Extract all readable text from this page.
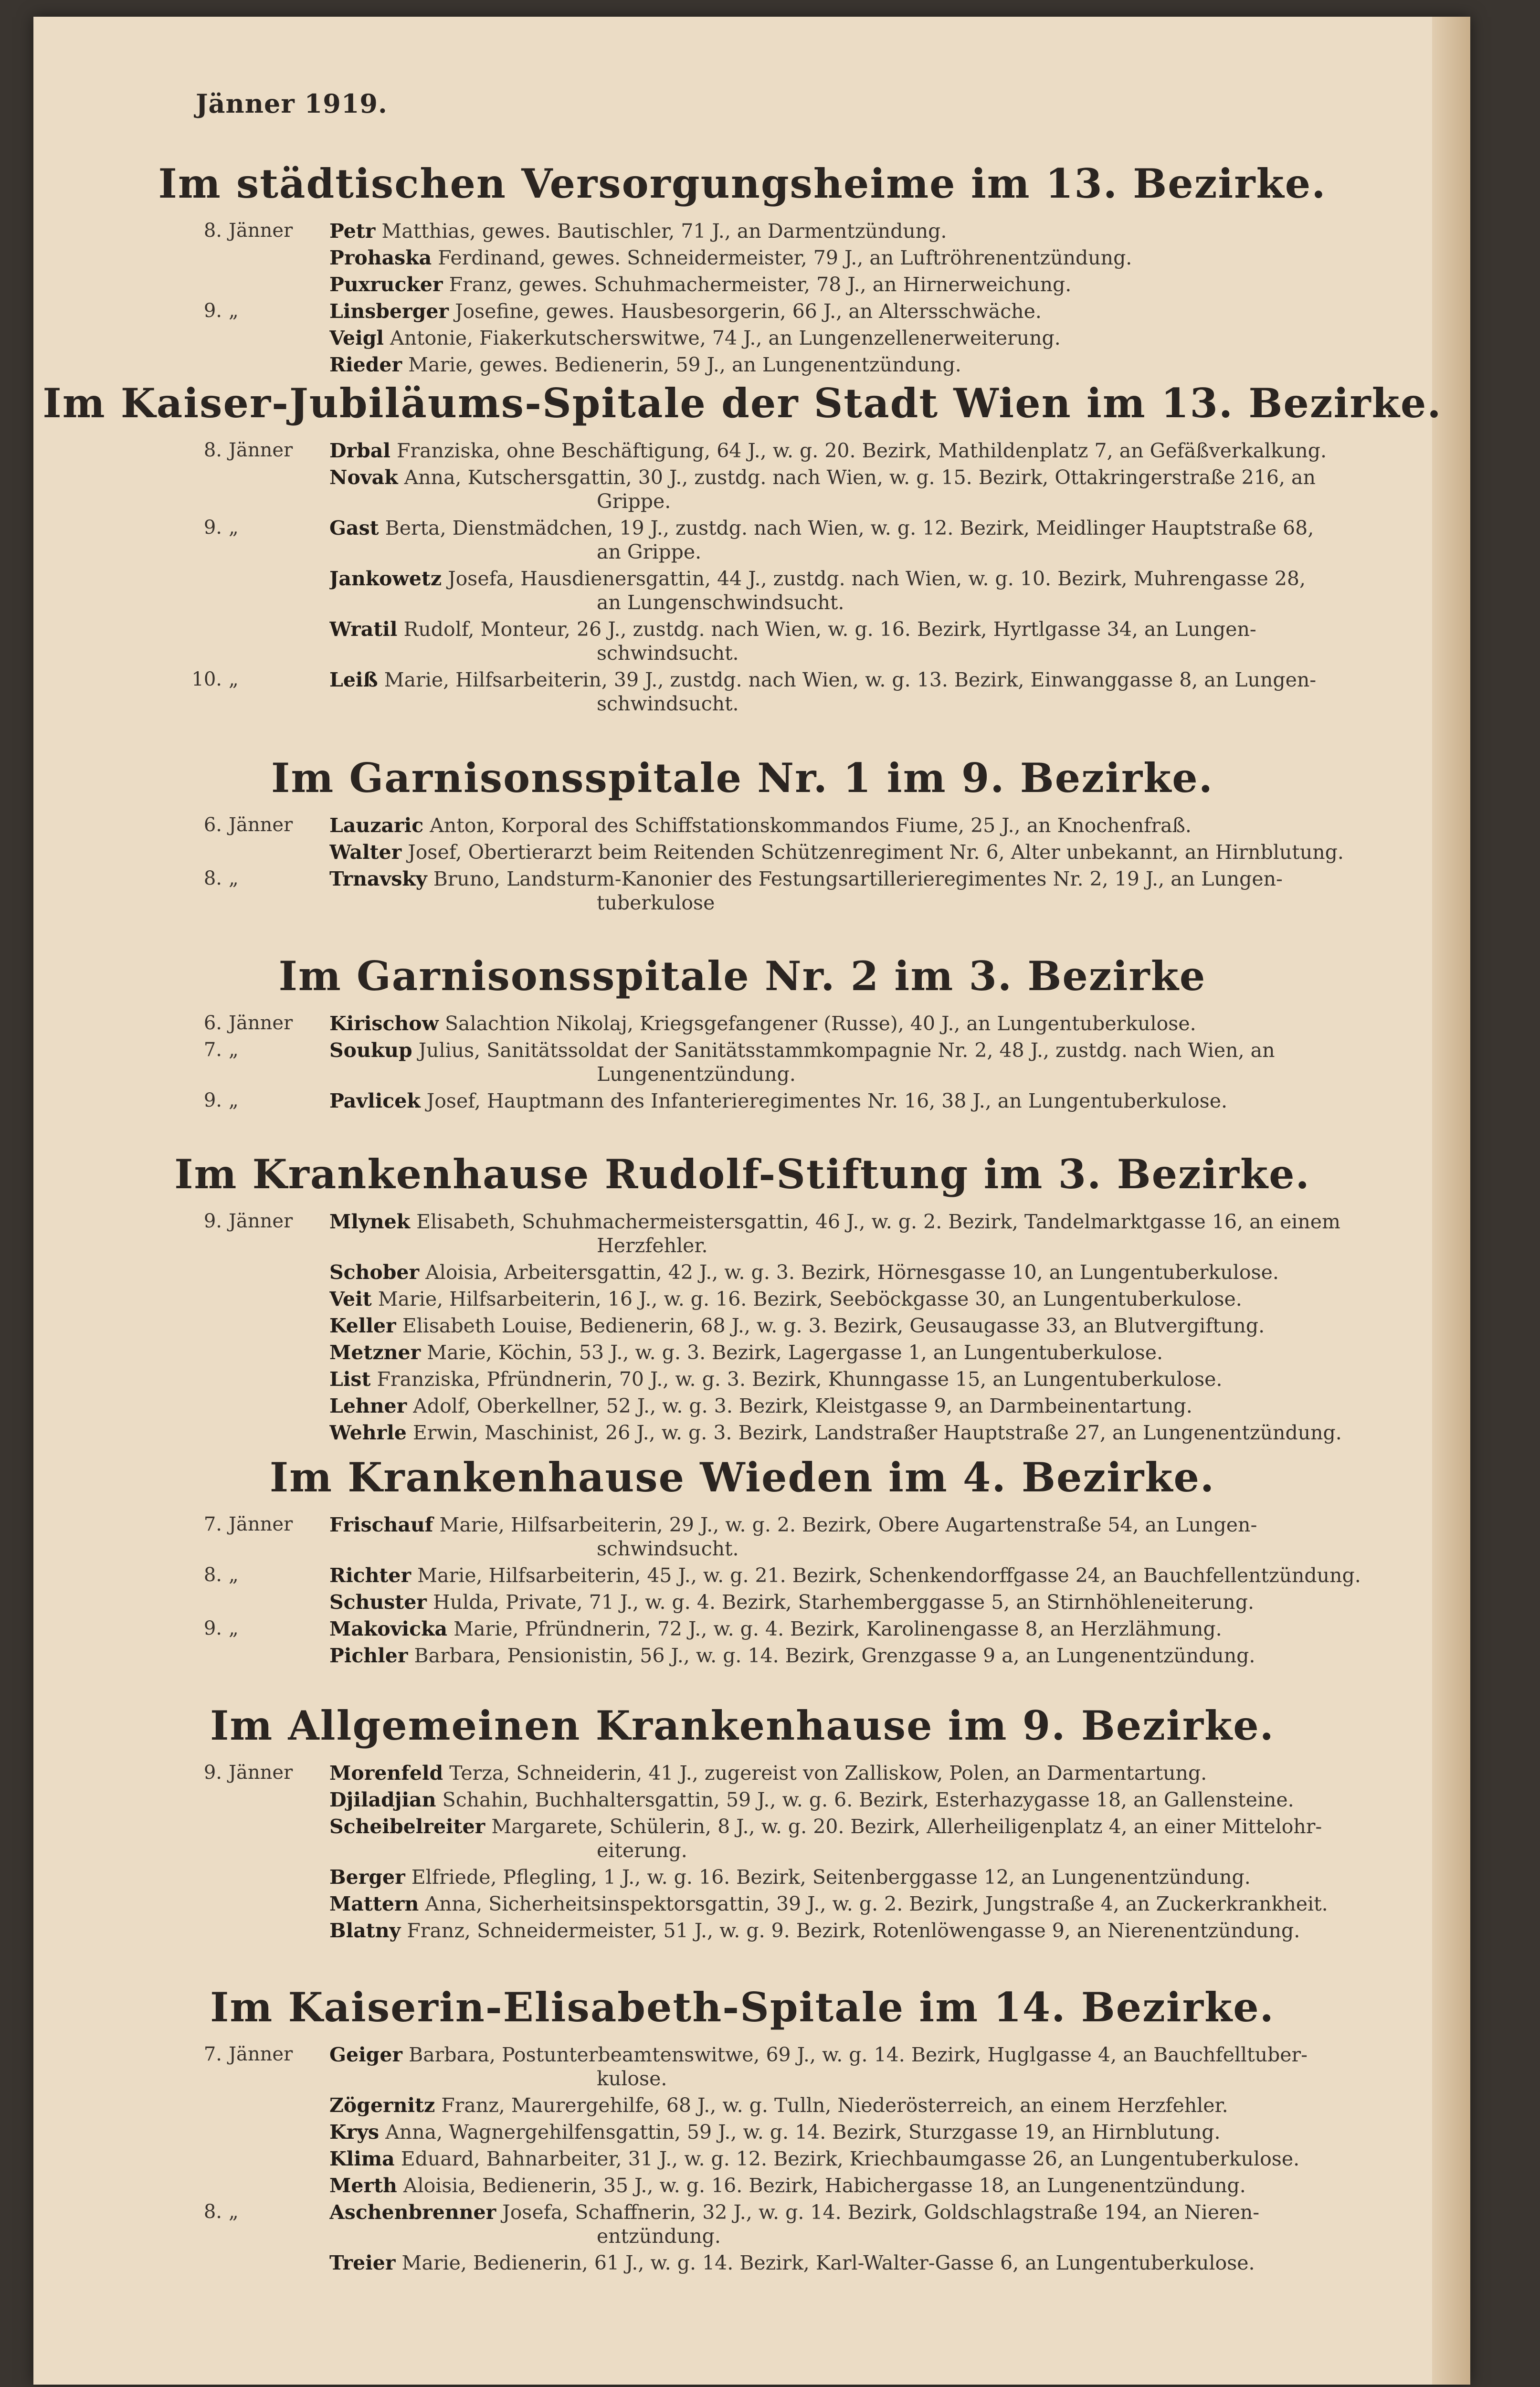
Jänner 1919.
Im städtischen Versorgungsheime im 13. Bezirke.
8. Jänner	Petr Matthias, gewes. Bautischler, 71 J., an Darmentzündung.
Prohaska Ferdinand, gewes. Schneidermeister, 79 J., an Luftröhrenentzündung.
Puxrucker Franz, gewes. Schuhmachermeister, 78 J., an Hirnerweichung.
9. „	Linsberger Josefine, gewes. Hausbesorgerin, 66 J., an Altersschwäche.
Veigl Antonie, Fiakerkutscherswitwe, 74 J., an Lungenzellenerweiterung.
Rieder Marie, gewes. Bedienerin, 59 J., an Lungenentzündung.
Im Kaiser-Jubiläums-Spitale der Stadt Wien im 13. Bezirke.
8. Jänner	Drbal Franziska, ohne Beschäftigung, 64 J., w. g. 20. Bezirk, Mathildenplatz 7, an Gefäßverkalkung.
Novak Anna, Kutschersgattin, 30 J., zustdg. nach Wien, w. g. 15. Bezirk, Ottakringerstraße 216, an
Grippe.
9. „	Gast Berta, Dienstmädchen, 19 J., zustdg. nach Wien, w. g. 12. Bezirk, Meidlinger Hauptstraße 68,
an Grippe.
Jankowetz Josefa, Hausdienersgattin, 44 J., zustdg. nach Wien, w. g. 10. Bezirk, Muhrengasse 28,
an Lungenschwindsucht.
Wratil Rudolf, Monteur, 26 J., zustdg. nach Wien, w. g. 16. Bezirk, Hyrtlgasse 34, an Lungen-
schwindsucht.
10. „	Leiß Marie, Hilfsarbeiterin, 39 J., zustdg. nach Wien, w. g. 13. Bezirk, Einwanggasse 8, an Lungen-
schwindsucht.
Im Garnisonsspitale Nr. 1 im 9. Bezirke.
6. Jänner	Lauzaric Anton, Korporal des Schiffstationskommandos Fiume, 25 J., an Knochenfraß.
Walter Josef, Obertierarzt beim Reitenden Schützenregiment Nr. 6, Alter unbekannt, an Hirnblutung.
8. „	Trnavsky Bruno, Landsturm-Kanonier des Festungsartillerieregimentes Nr. 2, 19 J., an Lungen-
tuberkulose
Im Garnisonsspitale Nr. 2 im 3. Bezirke
6. Jänner	Kirischow Salachtion Nikolaj, Kriegsgefangener (Russe), 40 J., an Lungentuberkulose.
7. „	Soukup Julius, Sanitätssoldat der Sanitätsstammkompagnie Nr. 2, 48 J., zustdg. nach Wien, an
Lungenentzündung.
9. „	Pavlicek Josef, Hauptmann des Infanterieregimentes Nr. 16, 38 J., an Lungentuberkulose.
Im Krankenhause Rudolf-Stiftung im 3. Bezirke.
9. Jänner	Mlynek Elisabeth, Schuhmachermeistersgattin, 46 J., w. g. 2. Bezirk, Tandelmarktgasse 16, an einem
Herzfehler.
Schober Aloisia, Arbeitersgattin, 42 J., w. g. 3. Bezirk, Hörnesgasse 10, an Lungentuberkulose.
Veit Marie, Hilfsarbeiterin, 16 J., w. g. 16. Bezirk, Seeböckgasse 30, an Lungentuberkulose.
Keller Elisabeth Louise, Bedienerin, 68 J., w. g. 3. Bezirk, Geusaugasse 33, an Blutvergiftung.
Metzner Marie, Köchin, 53 J., w. g. 3. Bezirk, Lagergasse 1, an Lungentuberkulose.
List Franziska, Pfründnerin, 70 J., w. g. 3. Bezirk, Khunngasse 15, an Lungentuberkulose.
Lehner Adolf, Oberkellner, 52 J., w. g. 3. Bezirk, Kleistgasse 9, an Darmbeinentartung.
Wehrle Erwin, Maschinist, 26 J., w. g. 3. Bezirk, Landstraßer Hauptstraße 27, an Lungenentzündung.
Im Krankenhause Wieden im 4. Bezirke.
7. Jänner	Frischauf Marie, Hilfsarbeiterin, 29 J., w. g. 2. Bezirk, Obere Augartenstraße 54, an Lungen-
schwindsucht.
8. „	Richter Marie, Hilfsarbeiterin, 45 J., w. g. 21. Bezirk, Schenkendorffgasse 24, an Bauchfellentzündung.
Schuster Hulda, Private, 71 J., w. g. 4. Bezirk, Starhemberggasse 5, an Stirnhöhleneiterung.
9. „	Makovicka Marie, Pfründnerin, 72 J., w. g. 4. Bezirk, Karolinengasse 8, an Herzlähmung.
Pichler Barbara, Pensionistin, 56 J., w. g. 14. Bezirk, Grenzgasse 9 a, an Lungenentzündung.
Im Allgemeinen Krankenhause im 9. Bezirke.
9. Jänner	Morenfeld Terza, Schneiderin, 41 J., zugereist von Zalliskow, Polen, an Darmentartung.
Djiladjian Schahin, Buchhaltersgattin, 59 J., w. g. 6. Bezirk, Esterhazygasse 18, an Gallensteine.
Scheibelreiter Margarete, Schülerin, 8 J., w. g. 20. Bezirk, Allerheiligenplatz 4, an einer Mittelohr-
eiterung.
Berger Elfriede, Pflegling, 1 J., w. g. 16. Bezirk, Seitenberggasse 12, an Lungenentzündung.
Mattern Anna, Sicherheitsinspektorsgattin, 39 J., w. g. 2. Bezirk, Jungstraße 4, an Zuckerkrankheit.
Blatny Franz, Schneidermeister, 51 J., w. g. 9. Bezirk, Rotenlöwengasse 9, an Nierenentzündung.
Im Kaiserin-Elisabeth-Spitale im 14. Bezirke.
7. Jänner	Geiger Barbara, Postunterbeamtenswitwe, 69 J., w. g. 14. Bezirk, Huglgasse 4, an Bauchfelltuber-
kulose.
Zögernitz Franz, Maurergehilfe, 68 J., w. g. Tulln, Niederösterreich, an einem Herzfehler.
Krys Anna, Wagnergehilfensgattin, 59 J., w. g. 14. Bezirk, Sturzgasse 19, an Hirnblutung.
Klima Eduard, Bahnarbeiter, 31 J., w. g. 12. Bezirk, Kriechbaumgasse 26, an Lungentuberkulose.
Merth Aloisia, Bedienerin, 35 J., w. g. 16. Bezirk, Habichergasse 18, an Lungenentzündung.
8. „	Aschenbrenner Josefa, Schaffnerin, 32 J., w. g. 14. Bezirk, Goldschlagstraße 194, an Nieren-
entzündung.
Treier Marie, Bedienerin, 61 J., w. g. 14. Bezirk, Karl-Walter-Gasse 6, an Lungentuberkulose.
